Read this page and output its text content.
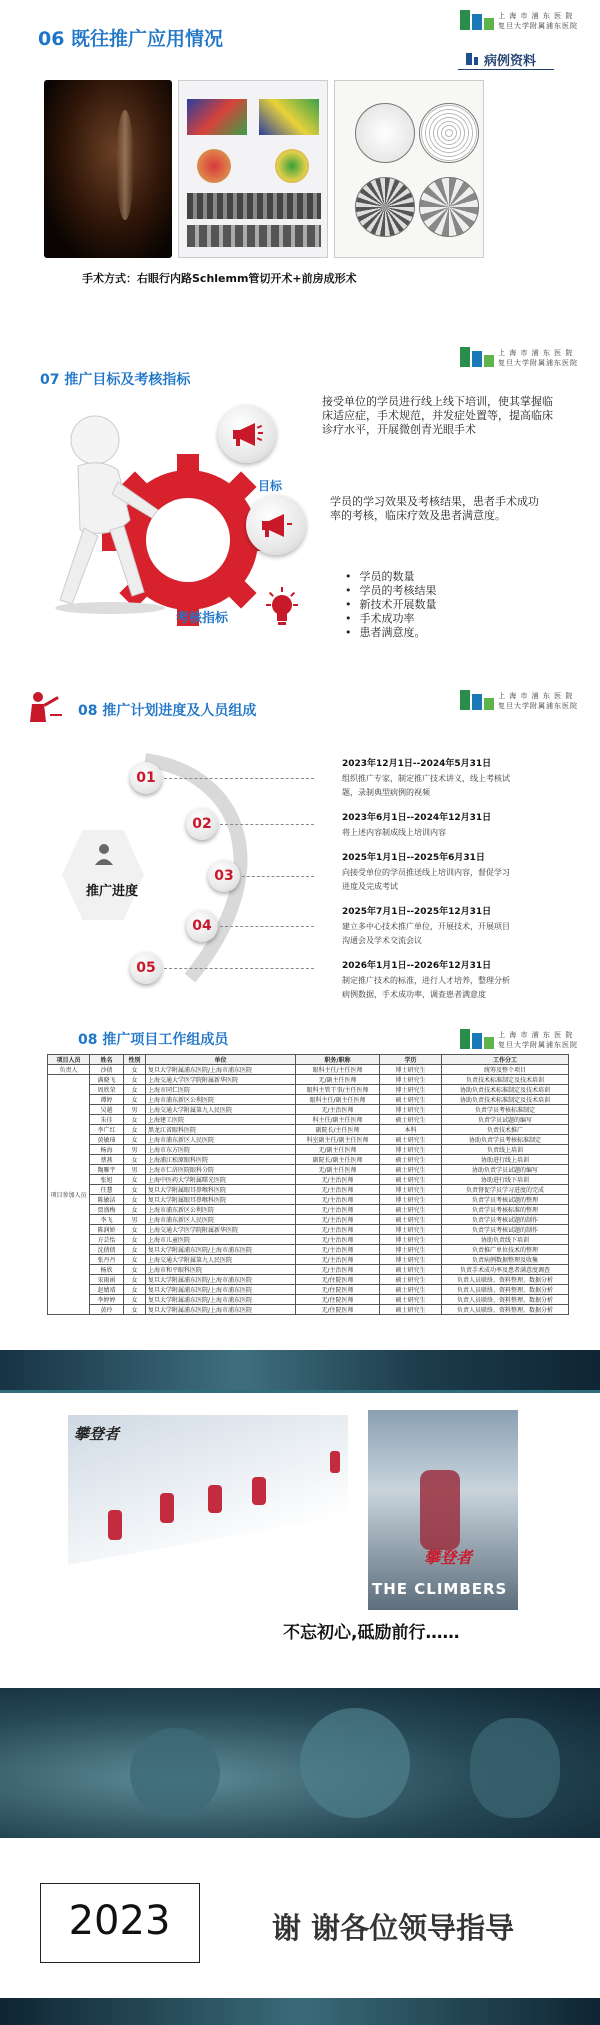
06 既往推广应用情况
上 海 市 浦 东 医 院
复旦大学附属浦东医院
病例资料
手术方式：右眼行内路Schlemm管切开术+前房成形术
上 海 市 浦 东 医 院
复旦大学附属浦东医院
07 推广目标及考核指标
目标
考核指标
接受单位的学员进行线上线下培训，使其掌握临床适应症，手术规范，并发症处置等，提高临床诊疗水平，开展微创青光眼手术
学员的学习效果及考核结果，患者手术成功率的考核，临床疗效及患者满意度。
• 学员的数量
• 学员的考核结果
• 新技术开展数量
• 手术成功率
• 患者满意度。
上 海 市 浦 东 医 院
复旦大学附属浦东医院
08 推广计划进度及人员组成
推广进度
01
02
03
04
05
2023年12月1日--2024年5月31日
组织推广专家，制定推广技术讲义，线上考核试题，录制典型病例的视频
2023年6月1日--2024年12月31日
将上述内容制成线上培训内容
2025年1月1日--2025年6月31日
向接受单位的学员推送线上培训内容，督促学习进度及完成考试
2025年7月1日--2025年12月31日
建立多中心技术推广单位，开展技术，开展项目沟通会及学术交流会议
2026年1月1日--2026年12月31日
制定推广技术的标准，进行人才培养，整理分析病例数据，手术成功率，调查患者满意度
上 海 市 浦 东 医 院
复旦大学附属浦东医院
08 推广项目工作组成员
项目人员	姓名	性别	单位	职务/职称	学历	工作分工
负责人	沙倩	女	复旦大学附属浦东医院/上海市浦东医院	眼科主任/主任医师	博士研究生	统筹及整个项目
项目参加人员	满晓飞	女	上海交通大学医学院附属新华医院	无/副主任医师	博士研究生	负责技术标准制定及技术培训
	周欣荣	女	上海市同仁医院	眼科主管干事/主任医师	博士研究生	协助负责技术标准制定及技术培训
	谭婷	女	上海市浦东新区公利医院	眼科主任/副主任医师	硕士研究生	协助负责技术标准制定及技术培训
	吴越	男	上海交通大学附属第九人民医院	无/主治医师	博士研究生	负责学员考核标准制定
	朱佳	女	上海建工医院	科主任/副主任医师	硕士研究生	负责学员试题的编写
	李广红	女	黑龙江省眼科医院	副院长/主任医师	本科	负责技术推广
	黄敏琦	女	上海市浦东新区人民医院	科室副主任/副主任医师	硕士研究生	协助负责学员考核标准制定
	杨海	男	上海市东方医院	无/副主任医师	博士研究生	负责线上培训
	蔡燕	女	上海浦江松原眼科医院	副院长/副主任医师	硕士研究生	协助进行线上培训
	陶雁宇	男	上海市仁济医院眼科分院	无/副主任医师	硕士研究生	协助负责学员试题的编写
	张旭	女	上海中医药大学附属曙光医院	无/主治医师	硕士研究生	协助进行线下培训
	任慧	女	复旦大学附属眼耳鼻喉科医院	无/主治医师	博士研究生	负责督促学员学习进度的完成
	陈敏洁	女	复旦大学附属眼耳鼻喉科医院	无/主治医师	博士研究生	负责学员考核试题的整理
	贾盛梅	女	上海市浦东新区公利医院	无/主治医师	硕士研究生	负责学员考核标准的整理
	李飞	男	上海市浦东新区人民医院	无/主治医师	硕士研究生	负责学员考核试题的制作
	陈润娇	女	上海交通大学医学院附属新华医院	无/主治医师	博士研究生	负责学员考核试题的制作
	方芸怡	女	上海市儿童医院	无/主治医师	博士研究生	协助负责线下培训
	沈倩倩	女	复旦大学附属浦东医院/上海市浦东医院	无/主治医师	博士研究生	负责推广单位技术的整理
	张丹丹	女	上海交通大学附属第九人民医院	无/主治医师	博士研究生	负责病例数据整理及收集
	杨欣	女	上海市和平眼科医院	无/主治医师	硕士研究生	负责手术成功率及患者满意度调查
	宋雨函	女	复旦大学附属浦东医院/上海市浦东医院	无/住院医师	硕士研究生	负责人员联络、资料整理、数据分析
	赵婧靖	女	复旦大学附属浦东医院/上海市浦东医院	无/住院医师	硕士研究生	负责人员联络、资料整理、数据分析
	李婷婷	女	复旦大学附属浦东医院/上海市浦东医院	无/住院医师	硕士研究生	负责人员联络、资料整理、数据分析
	黄玲	女	复旦大学附属浦东医院/上海市浦东医院	无/住院医师	硕士研究生	负责人员联络、资料整理、数据分析
攀登者
攀登者
THE CLIMBERS
不忘初心,砥励前行……
2023	谢 谢各位领导指导
